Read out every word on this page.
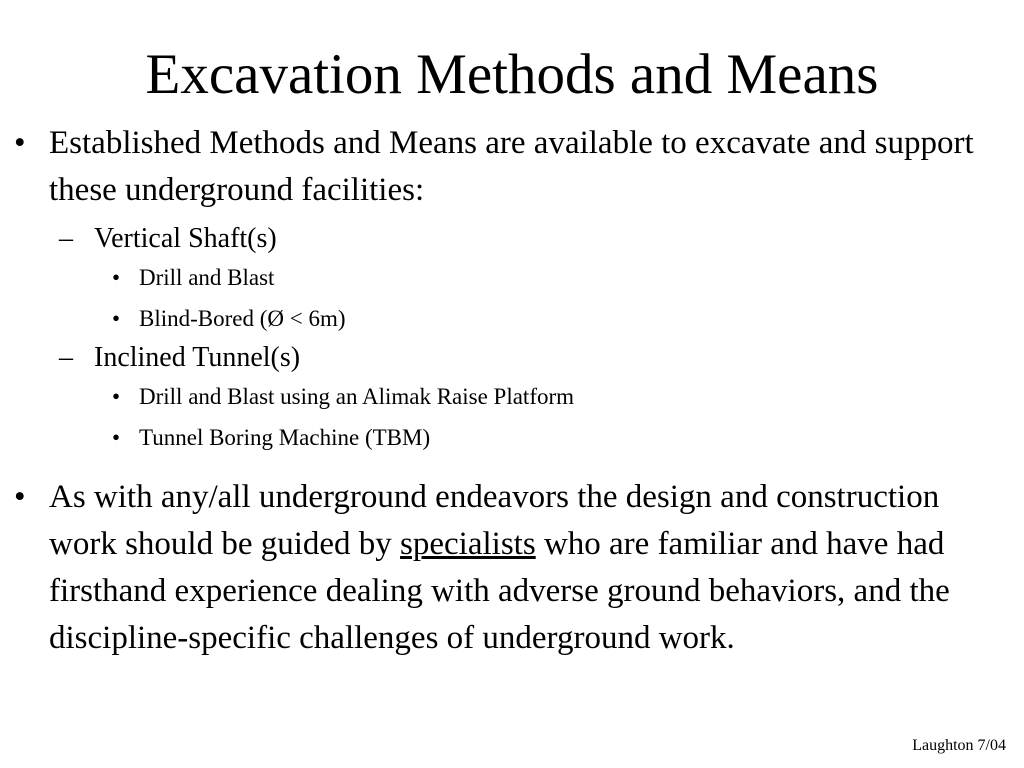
Excavation Methods and Means
• Established Methods and Means are available to excavate and support these underground facilities:
– Vertical Shaft(s)
• Drill and Blast
• Blind-Bored (Ø < 6m)
– Inclined Tunnel(s)
• Drill and Blast using an Alimak Raise Platform
• Tunnel Boring Machine (TBM)
• As with any/all underground endeavors the design and construction work should be guided by specialists who are familiar and have had firsthand experience dealing with adverse ground behaviors, and the discipline-specific challenges of underground work.
Laughton 7/04
